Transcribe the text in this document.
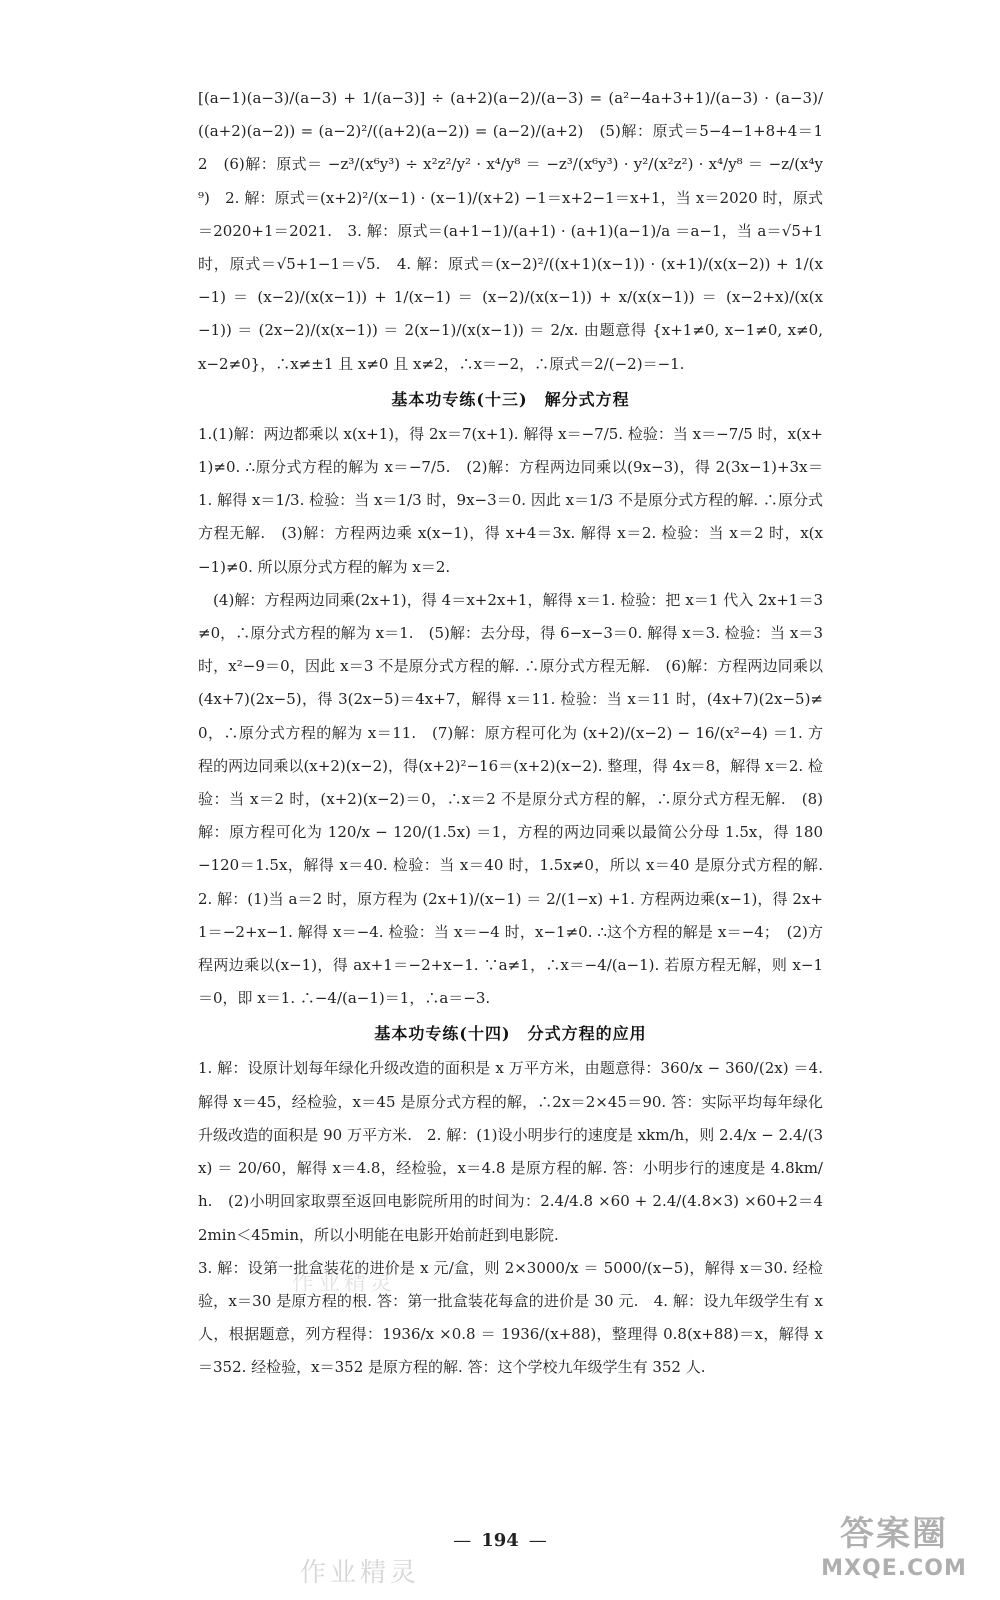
[(a−1)(a−3)/(a−3) + 1/(a−3)] ÷ (a+2)(a−2)/(a−3) = (a²−4a+3+1)/(a−3) · (a−3)/((a+2)(a−2)) = (a−2)²/((a+2)(a−2)) = (a−2)/(a+2)　(5)解：原式＝5−4−1+8+4＝12　(6)解：原式＝ −z³/(x⁶y³) ÷ x²z²/y² · x⁴/y⁸ ＝ −z³/(x⁶y³) · y²/(x²z²) · x⁴/y⁸ ＝ −z/(x⁴y⁹)　2. 解：原式＝(x+2)²/(x−1) · (x−1)/(x+2) −1＝x+2−1＝x+1，当 x＝2020 时，原式＝2020+1＝2021.　3. 解：原式＝(a+1−1)/(a+1) · (a+1)(a−1)/a ＝a−1，当 a＝√5+1 时，原式＝√5+1−1＝√5.　4. 解：原式＝(x−2)²/((x+1)(x−1)) · (x+1)/(x(x−2)) + 1/(x−1) ＝ (x−2)/(x(x−1)) + 1/(x−1) ＝ (x−2)/(x(x−1)) + x/(x(x−1)) ＝ (x−2+x)/(x(x−1)) ＝ (2x−2)/(x(x−1)) ＝ 2(x−1)/(x(x−1)) ＝ 2/x. 由题意得 {x+1≠0, x−1≠0, x≠0, x−2≠0}，∴x≠±1 且 x≠0 且 x≠2，∴x＝−2，∴原式＝2/(−2)＝−1.

基本功专练(十三)　解分式方程

1.(1)解：两边都乘以 x(x+1)，得 2x＝7(x+1). 解得 x＝−7/5. 检验：当 x＝−7/5 时，x(x+1)≠0. ∴原分式方程的解为 x＝−7/5.　(2)解：方程两边同乘以(9x−3)，得 2(3x−1)+3x＝1. 解得 x＝1/3. 检验：当 x＝1/3 时，9x−3＝0. 因此 x＝1/3 不是原分式方程的解. ∴原分式方程无解.　(3)解：方程两边乘 x(x−1)，得 x+4＝3x. 解得 x＝2. 检验：当 x＝2 时，x(x−1)≠0. 所以原分式方程的解为 x＝2.

　(4)解：方程两边同乘(2x+1)，得 4＝x+2x+1，解得 x＝1. 检验：把 x＝1 代入 2x+1＝3≠0，∴原分式方程的解为 x＝1.　(5)解：去分母，得 6−x−3＝0. 解得 x＝3. 检验：当 x＝3 时，x²−9＝0，因此 x＝3 不是原分式方程的解. ∴原分式方程无解.　(6)解：方程两边同乘以(4x+7)(2x−5)，得 3(2x−5)＝4x+7，解得 x＝11. 检验：当 x＝11 时，(4x+7)(2x−5)≠0，∴原分式方程的解为 x＝11.　(7)解：原方程可化为 (x+2)/(x−2) − 16/(x²−4) ＝1. 方程的两边同乘以(x+2)(x−2)，得(x+2)²−16＝(x+2)(x−2). 整理，得 4x＝8，解得 x＝2. 检验：当 x＝2 时，(x+2)(x−2)＝0，∴x＝2 不是原分式方程的解，∴原分式方程无解.　(8)解：原方程可化为 120/x − 120/(1.5x) ＝1，方程的两边同乘以最简公分母 1.5x，得 180−120＝1.5x，解得 x＝40. 检验：当 x＝40 时，1.5x≠0，所以 x＝40 是原分式方程的解.　2. 解：(1)当 a＝2 时，原方程为 (2x+1)/(x−1) ＝ 2/(1−x) +1. 方程两边乘(x−1)，得 2x+1＝−2+x−1. 解得 x＝−4. 检验：当 x＝−4 时，x−1≠0. ∴这个方程的解是 x＝−4；　(2)方程两边乘以(x−1)，得 ax+1＝−2+x−1. ∵a≠1，∴x＝−4/(a−1). 若原方程无解，则 x−1＝0，即 x＝1. ∴−4/(a−1)＝1，∴a＝−3.

基本功专练(十四)　分式方程的应用

1. 解：设原计划每年绿化升级改造的面积是 x 万平方米，由题意得：360/x − 360/(2x) ＝4. 解得 x＝45，经检验，x＝45 是原分式方程的解，∴2x＝2×45＝90. 答：实际平均每年绿化升级改造的面积是 90 万平方米.　2. 解：(1)设小明步行的速度是 xkm/h，则 2.4/x − 2.4/(3x) ＝ 20/60，解得 x＝4.8，经检验，x＝4.8 是原方程的解. 答：小明步行的速度是 4.8km/h.　(2)小明回家取票至返回电影院所用的时间为：2.4/4.8 ×60 + 2.4/(4.8×3) ×60+2＝42min＜45min，所以小明能在电影开始前赶到电影院.

3. 解：设第一批盒装花的进价是 x 元/盒，则 2×3000/x ＝ 5000/(x−5)，解得 x＝30. 经检验，x＝30 是原方程的根. 答：第一批盒装花每盒的进价是 30 元.　4. 解：设九年级学生有 x 人，根据题意，列方程得：1936/x ×0.8 ＝ 1936/(x+88)，整理得 0.8(x+88)＝x，解得 x＝352. 经检验，x＝352 是原方程的解. 答：这个学校九年级学生有 352 人.

作业精灵
— 194 —
作业精灵
答案圈
MXQE.COM
